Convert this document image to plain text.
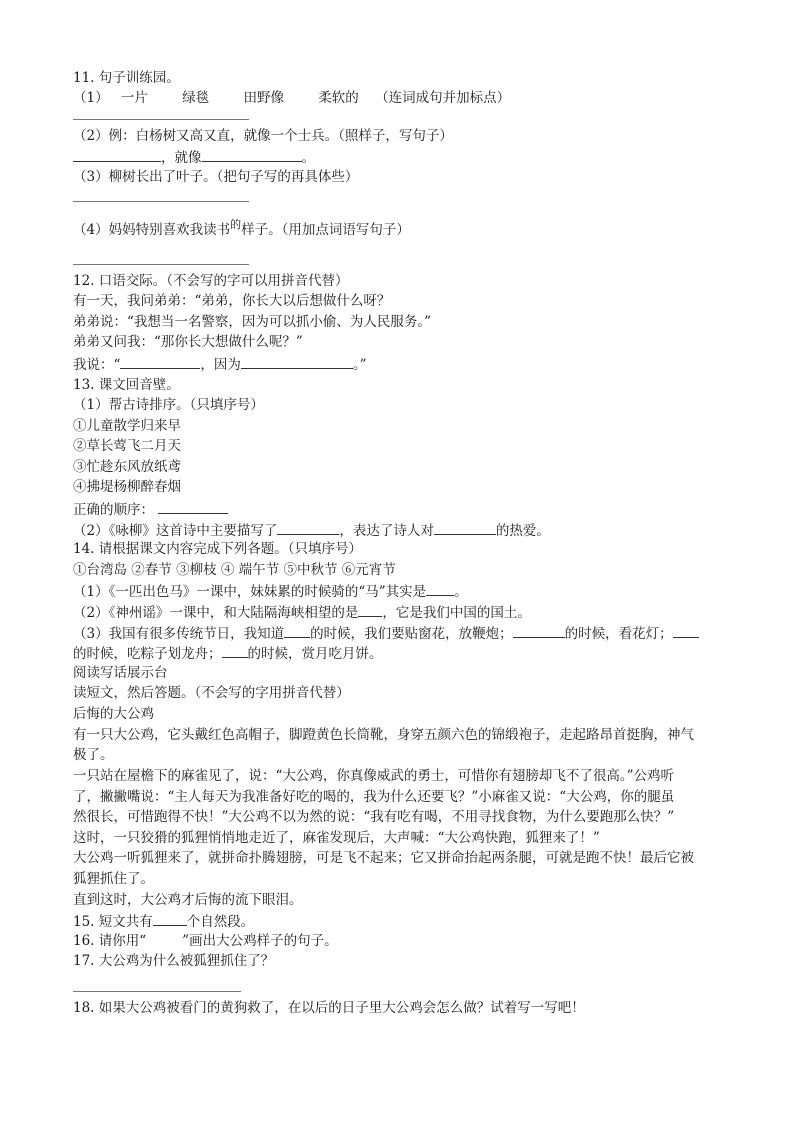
11. 句子训练园。
（1） 一片	绿毯	田野像	柔软的 （连词成句并加标点）
（2）例：白杨树又高又直，就像一个士兵。（照样子，写句子）
，就像	。
（3）柳树长出了叶子。（把句子写的再具体些）
（4）妈妈特别喜欢我读书$^的$样子。（用加点词语写句子）
12. 口语交际。（不会写的字可以用拼音代替）
有一天，我问弟弟：“弟弟，你长大以后想做什么呀？
弟弟说：“我想当一名警察，因为可以抓小偷、为人民服务。”
弟弟又问我：“那你长大想做什么呢？”
我说：“	，因为	。”
13. 课文回音壁。
（1）帮古诗排序。（只填序号）
①儿童散学归来早
②草长莺飞二月天
③忙趁东风放纸鸢
④拂堤杨柳醉春烟
正确的顺序：
（2）《咏柳》这首诗中主要描写了	，表达了诗人对	的热爱。
14. 请根据课文内容完成下列各题。（只填序号）
①台湾岛 ②春节 ③柳枝 ④ 端午节 ⑤中秋节 ⑥元宵节
（1）《一匹出色马》一课中，妹妹累的时候骑的“马”其实是 。
（2）《神州谣》一课中，和大陆隔海峡相望的是 ，它是我们中国的国土。
（3）我国有很多传统节日，我知道 的时候，我们要贴窗花，放鞭炮；	的时候，看花灯；
的时候，吃粽子划龙舟； 的时候，赏月吃月饼。
阅读写话展示台
读短文，然后答题。（不会写的字用拼音代替）
后悔的大公鸡
有一只大公鸡，它头戴红色高帽子，脚蹬黄色长筒靴，身穿五颜六色的锦缎袍子，走起路昂首挺胸，神气
极了。
一只站在屋檐下的麻雀见了，说：“大公鸡，你真像威武的勇士，可惜你有翅膀却飞不了很高。”公鸡听
了，撇撇嘴说：“主人每天为我准备好吃的喝的，我为什么还要飞？”小麻雀又说：“大公鸡，你的腿虽
然很长，可惜跑得不快！”大公鸡不以为然的说：“我有吃有喝，不用寻找食物，为什么要跑那么快？”
这时，一只狡猾的狐狸悄悄地走近了，麻雀发现后，大声喊：“大公鸡快跑，狐狸来了！”
大公鸡一听狐狸来了，就拼命扑腾翅膀，可是飞不起来；它又拼命抬起两条腿，可就是跑不快！最后它被
狐狸抓住了。
直到这时，大公鸡才后悔的流下眼泪。
15. 短文共有	个自然段。
16. 请你用“	”画出大公鸡样子的句子。
17. 大公鸡为什么被狐狸抓住了？
18. 如果大公鸡被看门的黄狗救了，在以后的日子里大公鸡会怎么做？试着写一写吧！
